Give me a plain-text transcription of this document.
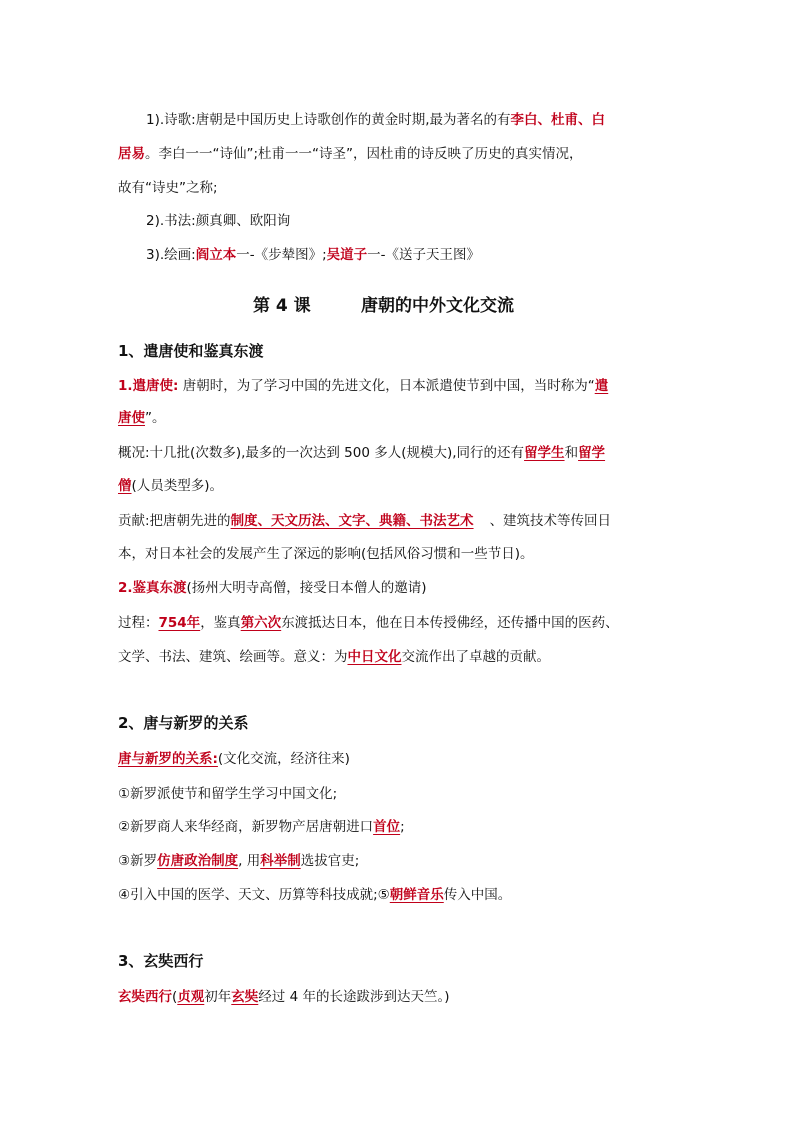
1).诗歌:唐朝是中国历史上诗歌创作的黄金时期,最为著名的有李白、杜甫、白
居易。李白一一“诗仙”;杜甫一一“诗圣”，因杜甫的诗反映了历史的真实情况，
故有“诗史”之称;
2).书法:颜真卿、欧阳询
3).绘画:阎立本一-《步辇图》;吴道子一-《送子天王图》
第 4 课	唐朝的中外文化交流
1、遣唐使和鉴真东渡
1.遣唐使: 唐朝时，为了学习中国的先进文化，日本派遣使节到中国，当时称为“遣
唐使”。
概况:十几批(次数多),最多的一次达到 500 多人(规模大),同行的还有留学生和留学
僧(人员类型多)。
贡献:把唐朝先进的制度、天文历法、文字、典籍、书法艺术 、建筑技术等传回日
本，对日本社会的发展产生了深远的影响(包括风俗习惯和一些节日)。
2.鉴真东渡(扬州大明寺高僧，接受日本僧人的邀请)
过程：754年，鉴真第六次东渡抵达日本，他在日本传授佛经，还传播中国的医药、
文学、书法、建筑、绘画等。意义：为中日文化交流作出了卓越的贡献。
2、唐与新罗的关系
唐与新罗的关系:(文化交流，经济往来)
①新罗派使节和留学生学习中国文化;
②新罗商人来华经商，新罗物产居唐朝进口首位;
③新罗仿唐政治制度, 用科举制选拔官吏;
④引入中国的医学、天文、历算等科技成就;⑤朝鲜音乐传入中国。
3、玄奘西行
玄奘西行(贞观初年玄奘经过 4 年的长途跋涉到达天竺。)
